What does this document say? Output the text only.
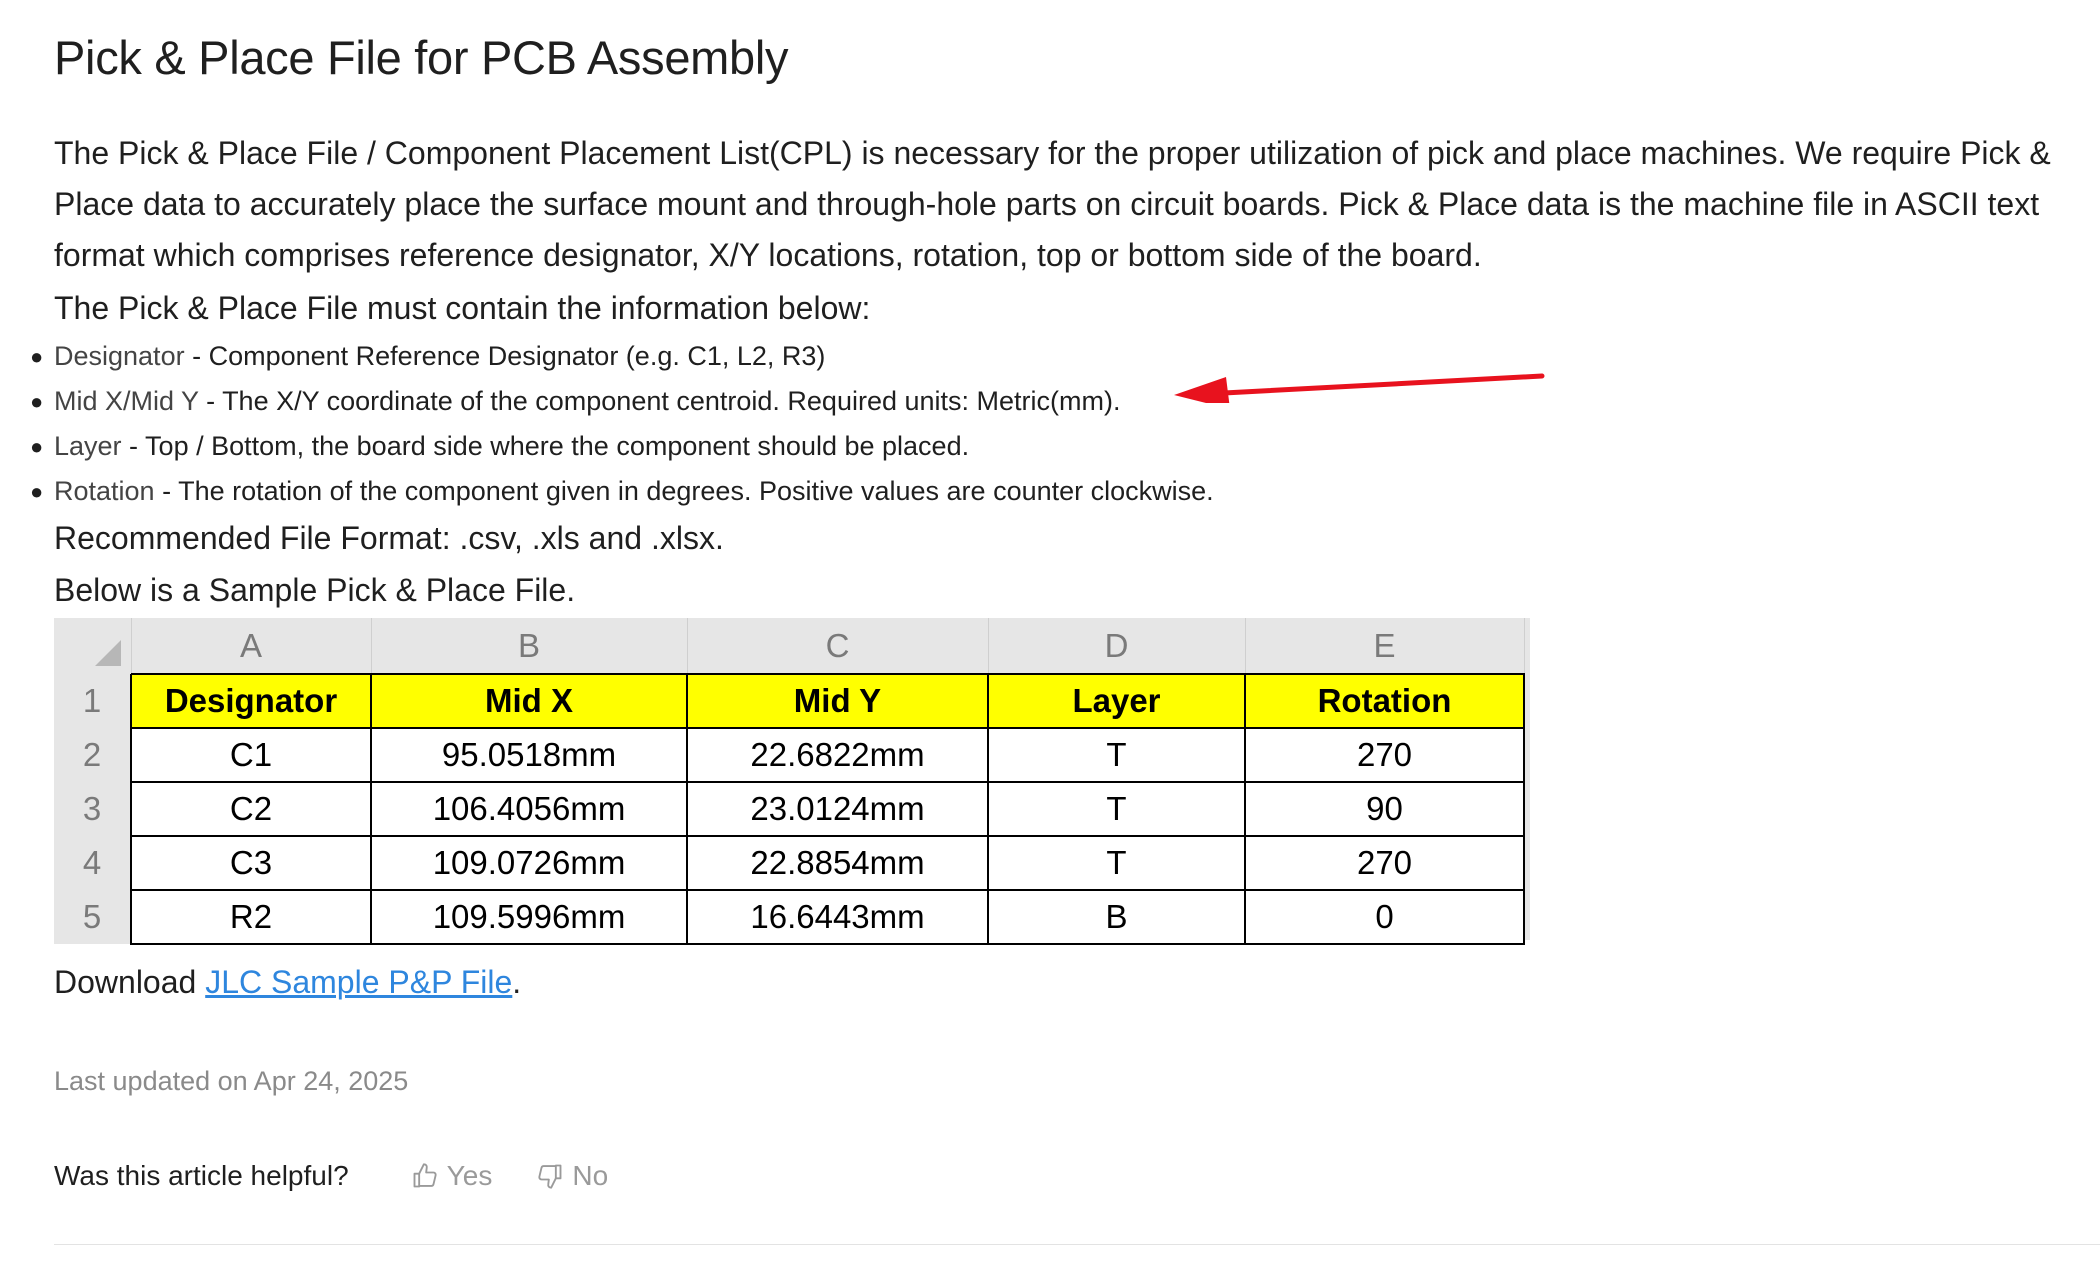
Pick & Place File for PCB Assembly

The Pick & Place File / Component Placement List(CPL) is necessary for the proper utilization of pick and place machines. We require Pick & Place data to accurately place the surface mount and through-hole parts on circuit boards. Pick & Place data is the machine file in ASCII text format which comprises reference designator, X/Y locations, rotation, top or bottom side of the board.

The Pick & Place File must contain the information below:

● Designator - Component Reference Designator (e.g. C1, L2, R3)
● Mid X/Mid Y - The X/Y coordinate of the component centroid. Required units: Metric(mm).
● Layer - Top / Bottom, the board side where the component should be placed.
● Rotation - The rotation of the component given in degrees. Positive values are counter clockwise.

Recommended File Format: .csv, .xls and .xlsx.

Below is a Sample Pick & Place File.

	A	B	C	D	E
1	Designator	Mid X	Mid Y	Layer	Rotation
2	C1	95.0518mm	22.6822mm	T	270
3	C2	106.4056mm	23.0124mm	T	90
4	C3	109.0726mm	22.8854mm	T	270
5	R2	109.5996mm	16.6443mm	B	0

Download JLC Sample P&P File.

Last updated on Apr 24, 2025

Was this article helpful?	Yes	No
